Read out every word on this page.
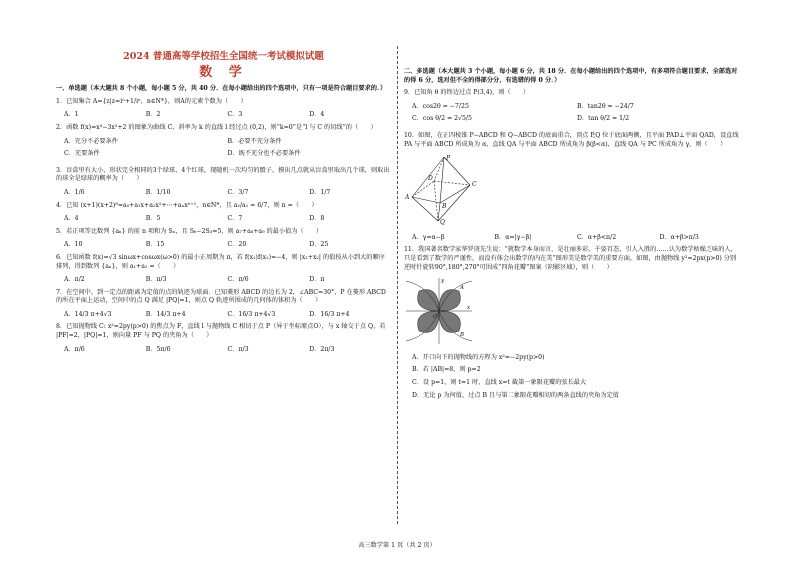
2024 普通高等学校招生全国统一考试模拟试题
数 学
一、单选题（本大题共 8 个小题，每小题 5 分，共 40 分．在每小题给出的四个选项中，只有一项是符合题目要求的．）
1．已知集合 A={z|z=iⁿ+1/iⁿ，n∈N*}，则A的元素个数为（　　）
A．1	B．2	C．3	D．4
2．函数 f(x)=x³−3x²+2 的图象为曲线 C，斜率为 k 的直线 l 经过点 (0,2)，则“k=0”是“l 与 C 的切线”的（　　）
A．充分不必要条件	B．必要不充分条件
C．充要条件	D．既不充分也不必要条件
3．盲盒里有大小、形状完全相同的3个绿球、4个红球，现随机一次均匀的骰子，摸出几点就从盲盒里取出几个球，则取出的球全是绿球的概率为（　　）
A．1/6	B．1/10	C．3/7	D．1/7
4．已知 (x+1)(x+2)⁸=a₀+a₁x+a₂x²+⋯+aₙxⁿ⁺¹，n∈N*，且 a₂/a₁ = 6/7，则 n =（　　）
A．4	B．5	C．7	D．8
5．若正项等比数列 {aₙ} 的前 n 项和为 Sₙ，且 S₆−2S₃=5，则 a₇+a₈+a₉ 的最小值为（　　）
A．10	B．15	C．20	D．25
6．已知函数 f(x)=√3 sinωx+cosωx(ω>0) 的最小正周期为 π，若 f(x₁)f(x₂)=−4，则 |x₁+x₂| 的值按从小到大的顺序排列，得到数列 {aₙ}，则 a₁+a₂ =（　　）
A．π/2	B．π/3	C．π/6	D．π
7．在空间中，到一定点的距离为定值的点的轨迹为球面．已知菱形 ABCD 的边长为 2，∠ABC=30°，P 在菱形 ABCD 的所在平面上运动，空间中的点 Q 满足 |PQ|=1，则点 Q 轨迹所围成的几何体的体积为（　　）
A．14/3 π+4√3	B．14/3 π+4	C．16/3 π+4√3	D．16/3 π+4
8．已知抛物线 C: x²=2py(p>0) 的焦点为 F，直线 l 与抛物线 C 相切于点 P（异于坐标原点O），与 x 轴交于点 Q，若 |PF|=2，|PQ|=1，则向量 PF 与 PQ 的夹角为（　　）
A．π/6	B．5π/6	C．π/3	D．2π/3
二、多选题（本大题共 3 个小题，每小题 6 分，共 18 分．在每小题给出的四个选项中，有多项符合题目要求，全部选对的得 6 分，选对但不全的得部分分，有选错的得 0 分．）
9．已知角 θ 的终边过点 P(3,4)，则（　　）
A．cos2θ = −7/25	B．tan2θ = −24/7
C．cos θ/2 = 2√5/5	D．tan θ/2 = 1/2
10．如图，在正四棱锥 P−ABCD 和 Q−ABCD 的底面重合，顶点 P,Q 位于底面两侧，且平面 PAD⊥平面 QAD，设直线 PA 与平面 ABCD 所成角为 α，直线 QA 与平面 ABCD 所成角为 β(β<α)，直线 QA 与 PC 所成角为 γ，则（　　）
P
D
C
A
B
Q
A．γ=α−β	B．α=|γ−β|	C．α+β<π/2	D．α+β>π/3
11．我国著名数学家华罗庚先生说：“就数学本身而言，是壮丽多彩，千姿百态，引人入胜的……认为数学枯燥乏味的人，只是看到了数学的严谨性，而没有体会出数学的内在美”图形美是数学美的重要方面，如图，由抛物线 y²=2px(p>0) 分别逆时针旋转90°,180°,270°可围成“四角花瓣”图案（阴影区域），则（　　）
y
x
A
B
O
A．开口向下的抛物线的方程为 x²=−2py(p>0)
B．若 |AB|=8，则 p=2
C．设 p=1，则 t=1 时，直线 x=t 截第一象限花瓣的弦长最大
D．无论 p 为何值，过点 B 且与第二象限花瓣相切的两条直线的夹角为定值
高三数学第 1 页（共 2 页）
